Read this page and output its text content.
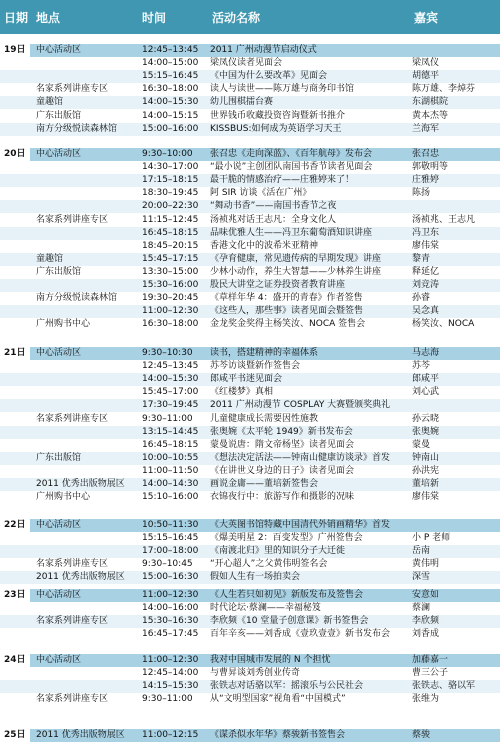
日期 地点	时间	活动名称	嘉宾
19日	中心活动区	12:45–13:45	2011 广州动漫节启动仪式
14:00–15:00	梁凤仪读者见面会	梁凤仪
15:15–16:45	《中国为什么要改革》见面会	胡德平
名家系列讲座专区	16:30–18:00	读人与读世——陈万雄与商务印书馆	陈万雄、李焯芬
童趣馆	14:00–15:30	幼儿围棋擂台赛	东湖棋院
广东出版馆	14:00–15:15	世界钱币收藏投资咨询暨新书推介	黄本杰等
南方分级悦读森林馆	15:00–16:00	KISSBUS:如何成为英语学习天王	兰海军
20日	中心活动区	9:30–10:00	张召忠《走向深蓝》、《百年航母》发布会	张召忠
14:30–17:00	“最小说”主创团队南国书香节读者见面会	郭敬明等
17:15–18:15	最干脆的情感治疗——庄雅婷来了！	庄雅婷
18:30–19:45	阿 SIR 访谈《活在广州》	陈扬
20:00–22:30	“舞动书香”——南国书香节之夜
名家系列讲座专区	11:15–12:45	汤祯兆对话王志凡：全身文化人	汤祯兆、王志凡
16:45–18:15	品味优雅人生——冯卫东葡萄酒知识讲座	冯卫东
18:45–20:15	香港文化中的波希米亚精神	廖伟棠
童趣馆	15:45–17:15	《孕育健康，常见遗传病的早期发现》讲座	黎青
广东出版馆	13:30–15:00	少林小动作，养生大智慧——少林养生讲座	释延亿
15:30–16:00	股民大讲堂之证券投资者教育讲座	刘竞涛
南方分级悦读森林馆	19:30–20:45	《草样年华 4：盛开的青春》作者签售	孙睿
11:00–12:30	《这些人，那些事》读者见面会暨签售	吴念真
广州购书中心	16:30–18:00	金龙奖金奖得主杨笑汝、NOCA 签售会	杨笑汝、NOCA
21日	中心活动区	9:30–10:30	读书，搭建精神的幸福体系	马志海
12:45–13:45	苏芩访谈暨新作签售会	苏芩
14:00–15:30	郎咸平书迷见面会	郎咸平
15:45–17:00	《红楼梦》真相	刘心武
17:30–19:45	2011 广州动漫节 COSPLAY 大赛暨颁奖典礼
名家系列讲座专区	9:30–11:00	儿童健康成长需要因性施教	孙云晓
13:15–14:45	张奥婉《太平轮 1949》新书发布会	张奥婉
16:45–18:15	蒙曼说唐：隋文帝杨坚》读者见面会	蒙曼
广东出版馆	10:00–10:55	《想法决定活法——钟南山健康访谈录》首发	钟南山
11:00–11:50	《在讲世义身边的日子》读者见面会	孙洪宪
2011 优秀出版物展区	14:00–14:30	画说金庸——董培新签售会	董培新
广州购书中心	15:10–16:00	衣锦夜行中：旅游写作和摄影的况味	廖伟棠
22日	中心活动区	10:50–11:30	《大英图书馆特藏中国清代外销画精华》首发
15:15–16:45	《爆美明星 2：百变发型》广州签售会	小 P 老师
17:00–18:00	《南渡北归》里的知识分子大迁徙	岳南
名家系列讲座专区	9:30–10:45	“开心超人”之父黄伟明签名会	黄伟明
2011 优秀出版物展区	15:00–16:30	假如人生有一场拍卖会	深雪
23日	中心活动区	11:00–12:30	《人生若只如初见》新版发布及签售会	安意如
14:00–16:00	时代论坛·蔡澜——幸福秘笈	蔡澜
名家系列讲座专区	15:30–16:30	李欣频《10 堂量子创意课》新书签售会	李欣频
16:45–17:45	百年辛亥——刘香成《壹玖壹壹》新书发布会	刘香成
24日	中心活动区	11:00–12:30	我对中国城市发展的 N 个担忧	加藤嘉一
12:45–14:00	与曹昇谈刘秀创业传奇	曹三公子
14:15–15:30	张铁志对话骆以军：摇滚乐与公民社会	张铁志、骆以军
名家系列讲座专区	9:30–11:00	从“文明型国家”视角看“中国模式”	张维为
25日	2011 优秀出版物展区	11:00–12:15	《谋杀似水年华》蔡骏新书签售会	蔡骏
